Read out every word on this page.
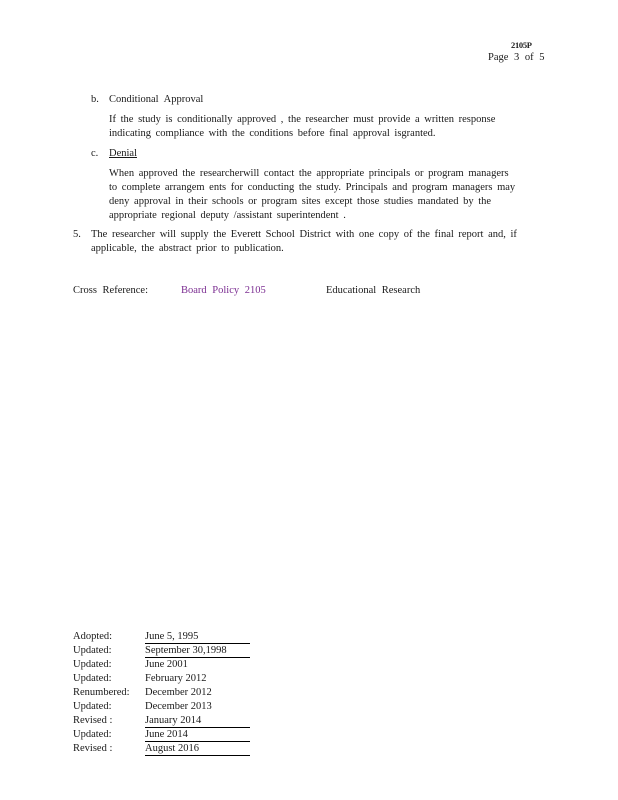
2105P
Page 3 of 5
b. Conditional Approval
If the study is conditionally approved , the researcher must provide a written response indicating compliance with the conditions before final approval isgranted.
c. Denial
When approved the researcherwill contact the appropriate principals or program managers to complete arrangem ents for conducting the study. Principals and program managers may deny approval in their schools or program sites except those studies mandated by the appropriate regional deputy /assistant superintendent .
5. The researcher will supply the Everett School District with one copy of the final report and, if applicable, the abstract prior to publication.
Cross Reference:	Board Policy 2105	Educational Research
Adopted:	June 5, 1995
Updated:	September 30,1998
Updated:	June 2001
Updated:	February 2012
Renumbered: December 2012
Updated:	December 2013
Revised :	January 2014
Updated:	June 2014
Revised :	August 2016
